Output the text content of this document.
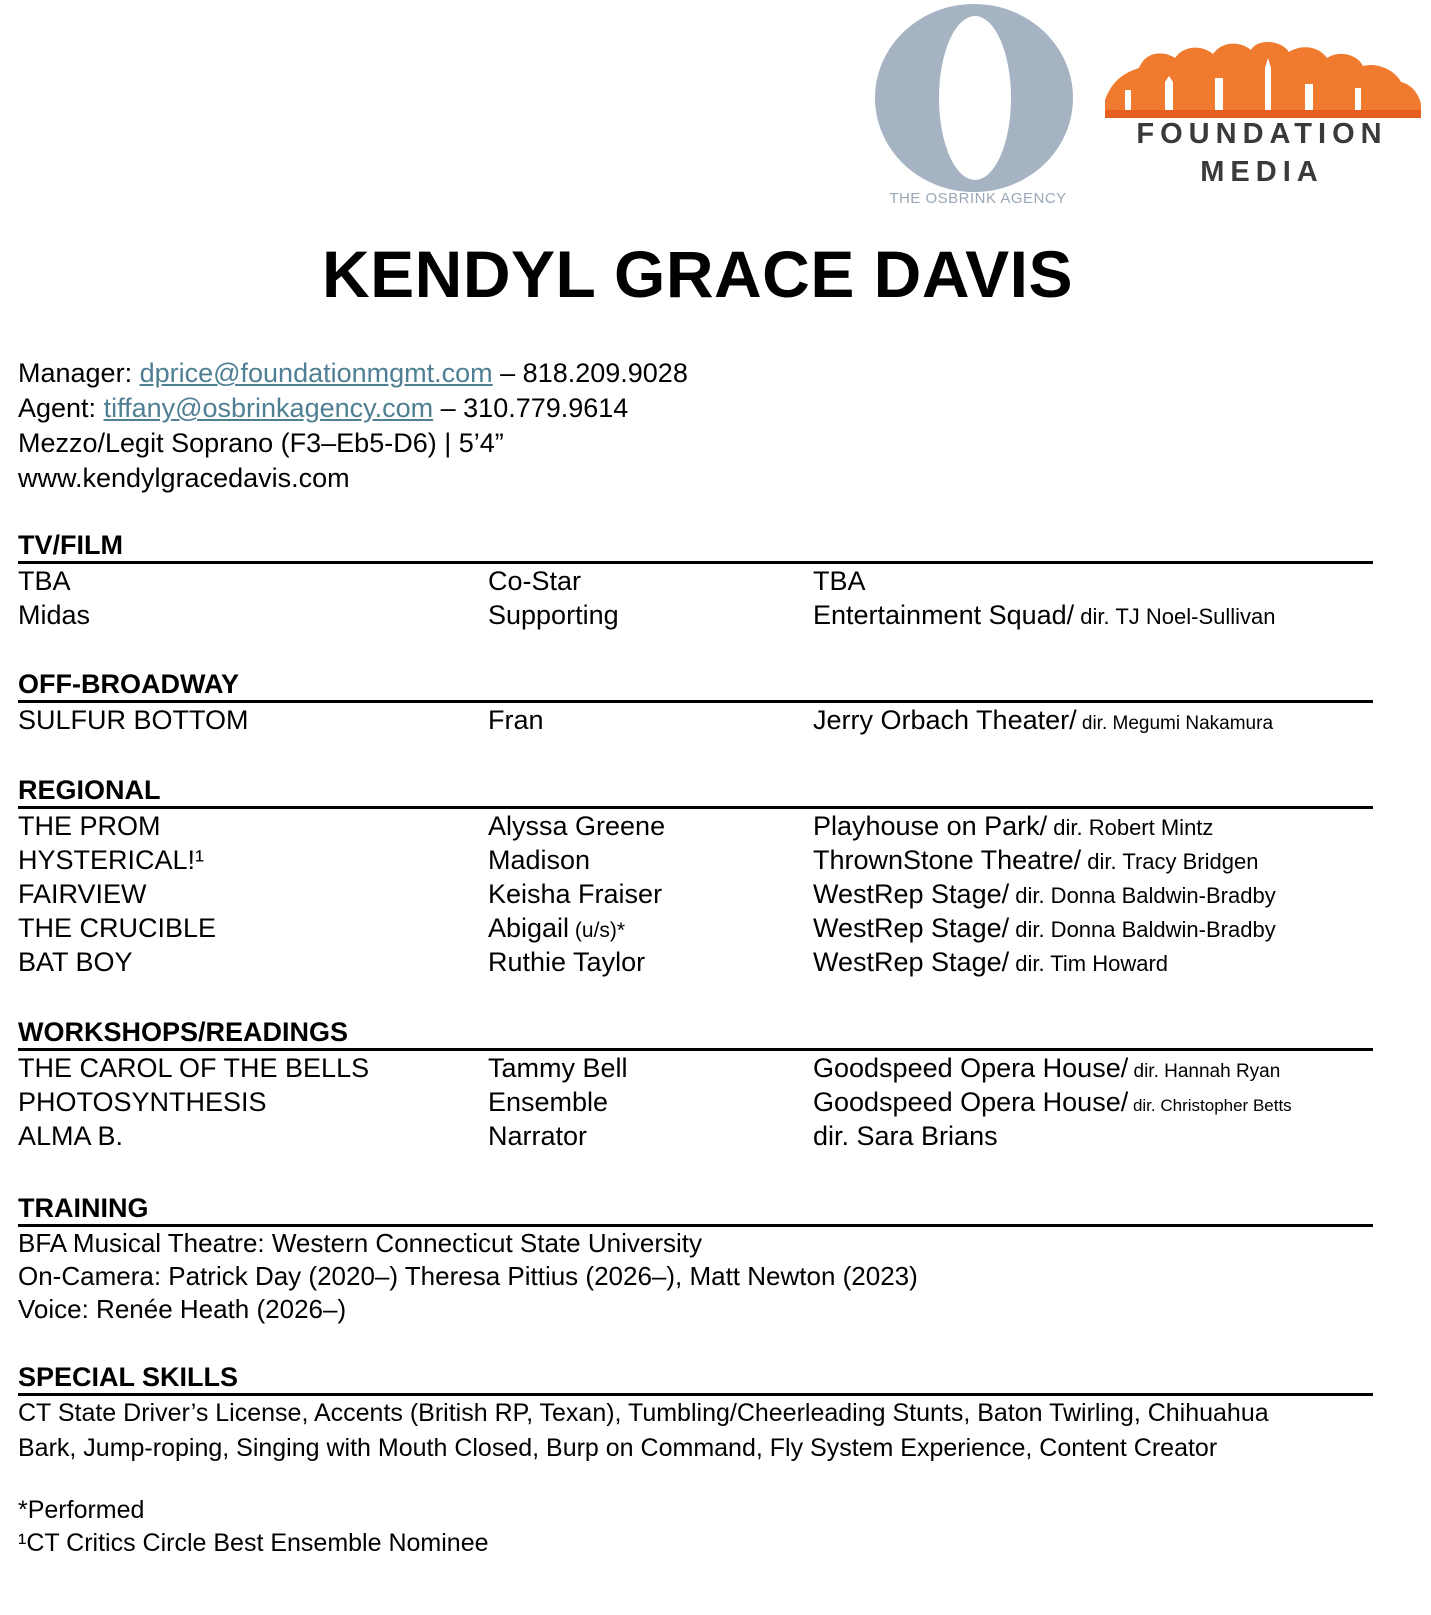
THE OSBRINK AGENCY
FOUNDATION
MEDIA
KENDYL GRACE DAVIS
Manager: dprice@foundationmgmt.com – 818.209.9028
Agent: tiffany@osbrinkagency.com – 310.779.9614
Mezzo/Legit Soprano (F3–Eb5-D6) | 5’4”
www.kendylgracedavis.com
TV/FILM
TBA	Co-Star	TBA
Midas	Supporting	Entertainment Squad/ dir. TJ Noel-Sullivan
OFF-BROADWAY
SULFUR BOTTOM	Fran	Jerry Orbach Theater/ dir. Megumi Nakamura
REGIONAL
THE PROM	Alyssa Greene	Playhouse on Park/ dir. Robert Mintz
HYSTERICAL!¹	Madison	ThrownStone Theatre/ dir. Tracy Bridgen
FAIRVIEW	Keisha Fraiser	WestRep Stage/ dir. Donna Baldwin-Bradby
THE CRUCIBLE	Abigail (u/s)*	WestRep Stage/ dir. Donna Baldwin-Bradby
BAT BOY	Ruthie Taylor	WestRep Stage/ dir. Tim Howard
WORKSHOPS/READINGS
THE CAROL OF THE BELLS	Tammy Bell	Goodspeed Opera House/ dir. Hannah Ryan
PHOTOSYNTHESIS	Ensemble	Goodspeed Opera House/ dir. Christopher Betts
ALMA B.	Narrator	dir. Sara Brians
TRAINING
BFA Musical Theatre: Western Connecticut State University
On-Camera: Patrick Day (2020–) Theresa Pittius (2026–), Matt Newton (2023)
Voice: Renée Heath (2026–)
SPECIAL SKILLS
CT State Driver’s License, Accents (British RP, Texan), Tumbling/Cheerleading Stunts, Baton Twirling, Chihuahua
Bark, Jump-roping, Singing with Mouth Closed, Burp on Command, Fly System Experience, Content Creator
*Performed
¹CT Critics Circle Best Ensemble Nominee
